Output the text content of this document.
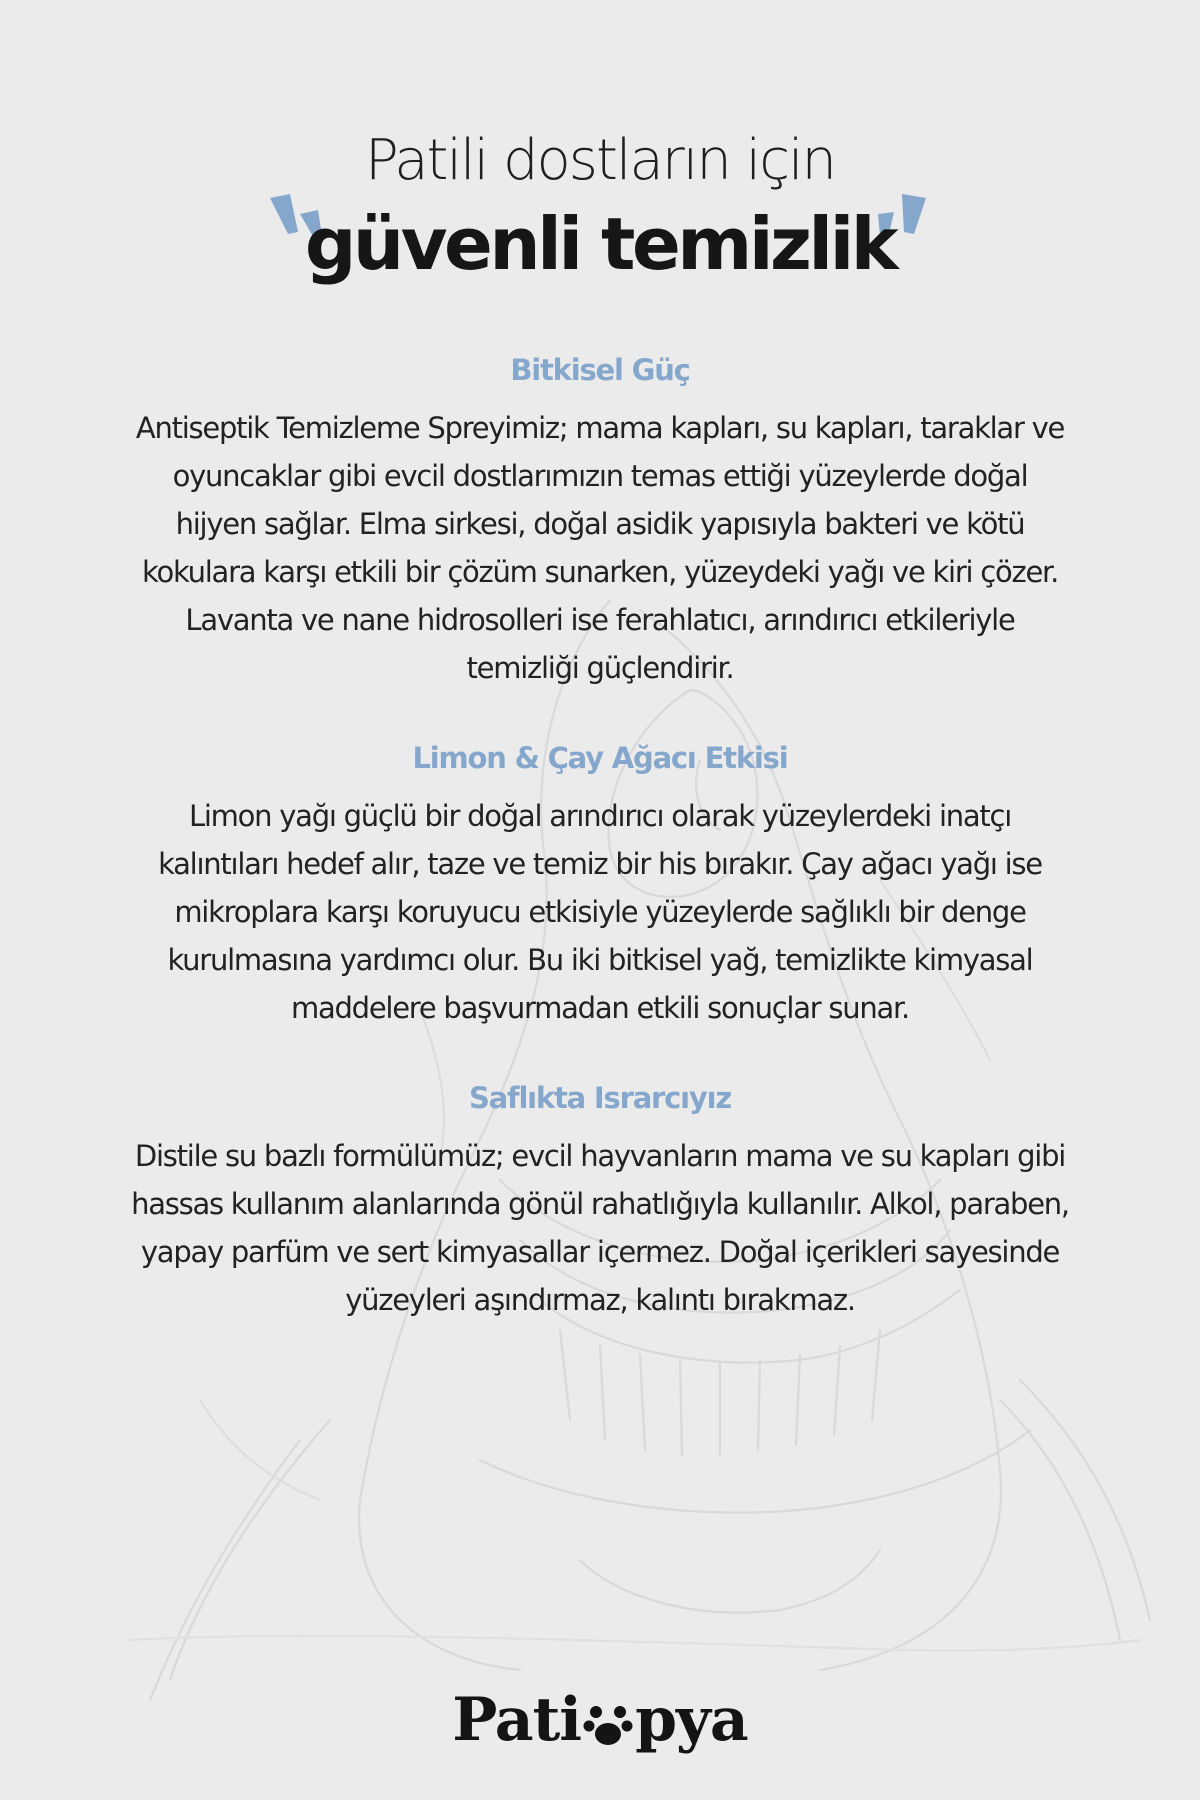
Patili dostların için
güvenli temizlik
Bitkisel Güç

Antiseptik Temizleme Spreyimiz; mama kapları, su kapları, taraklar ve oyuncaklar gibi evcil dostlarımızın temas ettiği yüzeylerde doğal hijyen sağlar. Elma sirkesi, doğal asidik yapısıyla bakteri ve kötü kokulara karşı etkili bir çözüm sunarken, yüzeydeki yağı ve kiri çözer. Lavanta ve nane hidrosolleri ise ferahlatıcı, arındırıcı etkileriyle temizliği güçlendirir.

Limon & Çay Ağacı Etkisi

Limon yağı güçlü bir doğal arındırıcı olarak yüzeylerdeki inatçı kalıntıları hedef alır, taze ve temiz bir his bırakır. Çay ağacı yağı ise mikroplara karşı koruyucu etkisiyle yüzeylerde sağlıklı bir denge kurulmasına yardımcı olur. Bu iki bitkisel yağ, temizlikte kimyasal maddelere başvurmadan etkili sonuçlar sunar.

Saflıkta Israrcıyız

Distile su bazlı formülümüz; evcil hayvanların mama ve su kapları gibi hassas kullanım alanlarında gönül rahatlığıyla kullanılır. Alkol, paraben, yapay parfüm ve sert kimyasallar içermez. Doğal içerikleri sayesinde yüzeyleri aşındırmaz, kalıntı bırakmaz.

Pati pya
